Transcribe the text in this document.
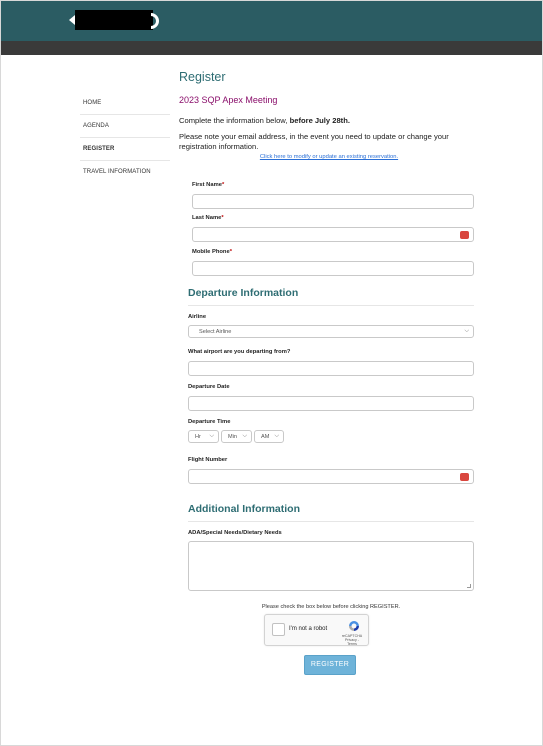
HOME
AGENDA
REGISTER
TRAVEL INFORMATION
Register
2023 SQP Apex Meeting

Complete the information below, before July 28th.

Please note your email address, in the event you need to update or change your registration information.

Click here to modify or update an existing reservation.
First Name*
Last Name*
•••
Mobile Phone*
Departure Information
Airline
Select Airline	⌵
What airport are you departing from?
Departure Date
Departure Time
Hr ⌵	Min ⌵	AM ⌵
Flight Number
•••
Additional Information
ADA/Special Needs/Dietary Needs
Please check the box below before clicking REGISTER.
I'm not a robot
reCAPTCHA
Privacy - Terms
REGISTER
